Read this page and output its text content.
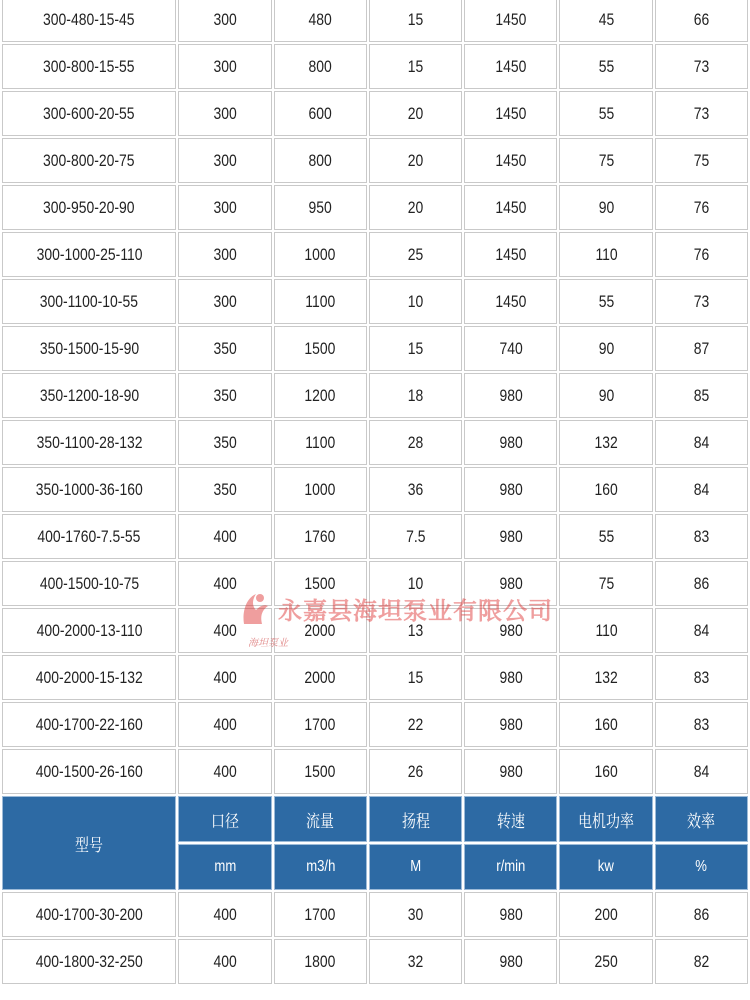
300-480-15-45	300	480	15	1450	45	66
300-800-15-55	300	800	15	1450	55	73
300-600-20-55	300	600	20	1450	55	73
300-800-20-75	300	800	20	1450	75	75
300-950-20-90	300	950	20	1450	90	76
300-1000-25-110	300	1000	25	1450	110	76
300-1100-10-55	300	1100	10	1450	55	73
350-1500-15-90	350	1500	15	740	90	87
350-1200-18-90	350	1200	18	980	90	85
350-1100-28-132	350	1100	28	980	132	84
350-1000-36-160	350	1000	36	980	160	84
400-1760-7.5-55	400	1760	7.5	980	55	83
400-1500-10-75	400	1500	10	980	75	86
400-2000-13-110	400	2000	13	980	110	84
400-2000-15-132	400	2000	15	980	132	83
400-1700-22-160	400	1700	22	980	160	83
400-1500-26-160	400	1500	26	980	160	84
型号	口径	流量	扬程	转速	电机功率	效率
	mm	m3/h	M	r/min	kw	%
400-1700-30-200	400	1700	30	980	200	86
400-1800-32-250	400	1800	32	980	250	82
永嘉县海坦泵业有限公司
海坦泵业
